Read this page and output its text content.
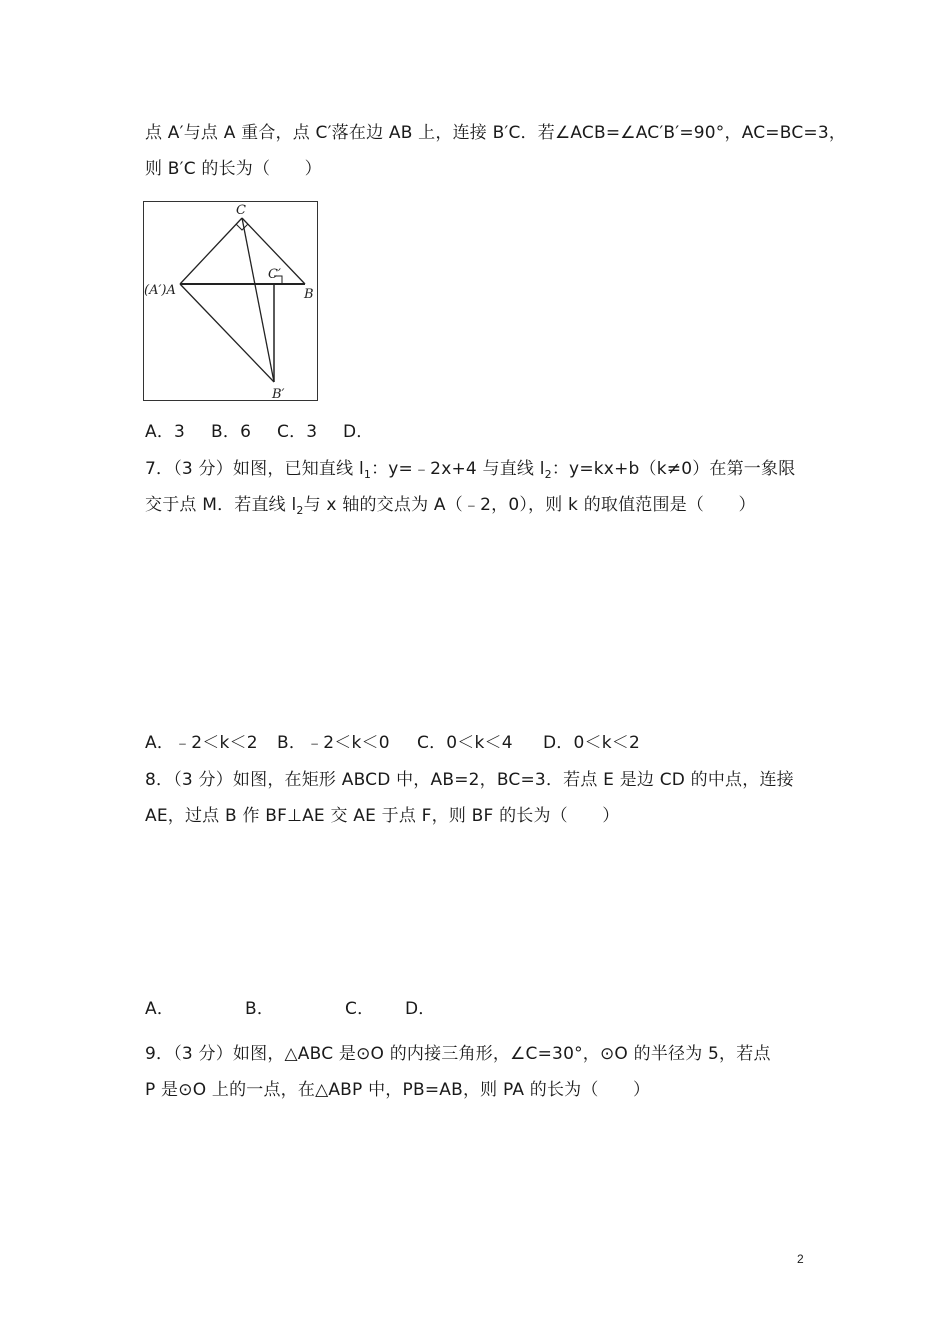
点 A′与点 A 重合，点 C′落在边 AB 上，连接 B′C．若∠ACB=∠AC′B′=90°，AC=BC=3，
则 B′C 的长为（　　）
C
(A′)A
C′
B
B′
A．3 B．6 C．3 D．
7．（3 分）如图，已知直线 $l_1$：y=﹣2x+4 与直线 $l_2$：y=kx+b（k≠0）在第一象限
交于点 M．若直线 $l_2$与 x 轴的交点为 A（﹣2，0），则 k 的取值范围是（　　）
A．﹣2＜k＜2 B．﹣2＜k＜0 C．0＜k＜4 D．0＜k＜2
8．（3 分）如图，在矩形 ABCD 中，AB=2，BC=3．若点 E 是边 CD 的中点，连接
AE，过点 B 作 BF⊥AE 交 AE 于点 F，则 BF 的长为（　　）
A．	B．	C． D．
9．（3 分）如图，△ABC 是⊙O 的内接三角形，∠C=30°，⊙O 的半径为 5，若点
P 是⊙O 上的一点，在△ABP 中，PB=AB，则 PA 的长为（　　）
2
